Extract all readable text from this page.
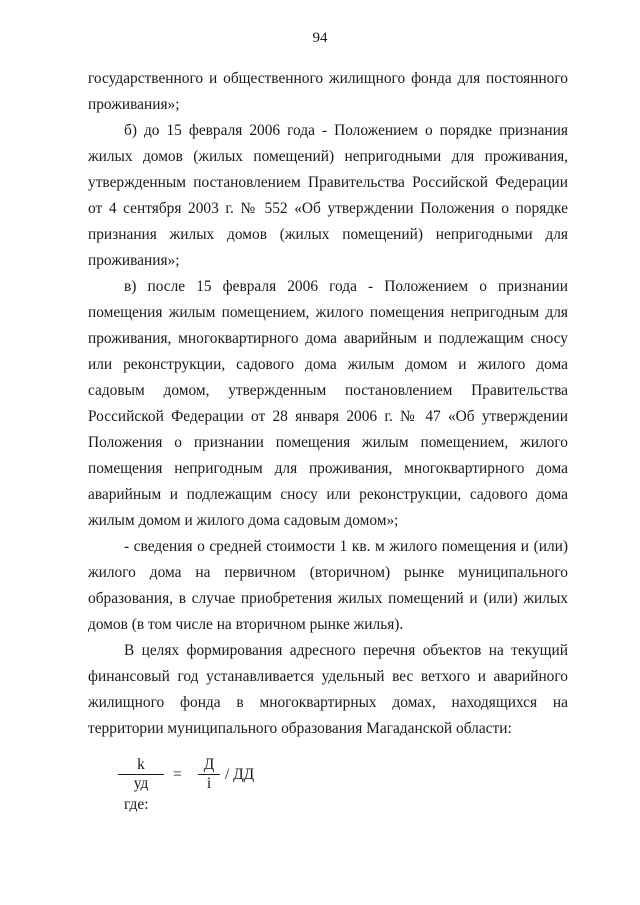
94

государственного и общественного жилищного фонда для постоянного проживания»;

б) до 15 февраля 2006 года - Положением о порядке признания жилых домов (жилых помещений) непригодными для проживания, утвержденным постановлением Правительства Российской Федерации от 4 сентября 2003 г. № 552 «Об утверждении Положения о порядке признания жилых домов (жилых помещений) непригодными для проживания»;

в) после 15 февраля 2006 года - Положением о признании помещения жилым помещением, жилого помещения непригодным для проживания, многоквартирного дома аварийным и подлежащим сносу или реконструкции, садового дома жилым домом и жилого дома садовым домом, утвержденным постановлением Правительства Российской Федерации от 28 января 2006 г. № 47 «Об утверждении Положения о признании помещения жилым помещением, жилого помещения непригодным для проживания, многоквартирного дома аварийным и подлежащим сносу или реконструкции, садового дома жилым домом и жилого дома садовым домом»;

- сведения о средней стоимости 1 кв. м жилого помещения и (или) жилого дома на первичном (вторичном) рынке муниципального образования, в случае приобретения жилых помещений и (или) жилых домов (в том числе на вторичном рынке жилья).

В целях формирования адресного перечня объектов на текущий финансовый год устанавливается удельный вес ветхого и аварийного жилищного фонда в многоквартирных домах, находящихся на территории муниципального образования Магаданской области:

k
уд
=
Д
i
/ ДД
где:
